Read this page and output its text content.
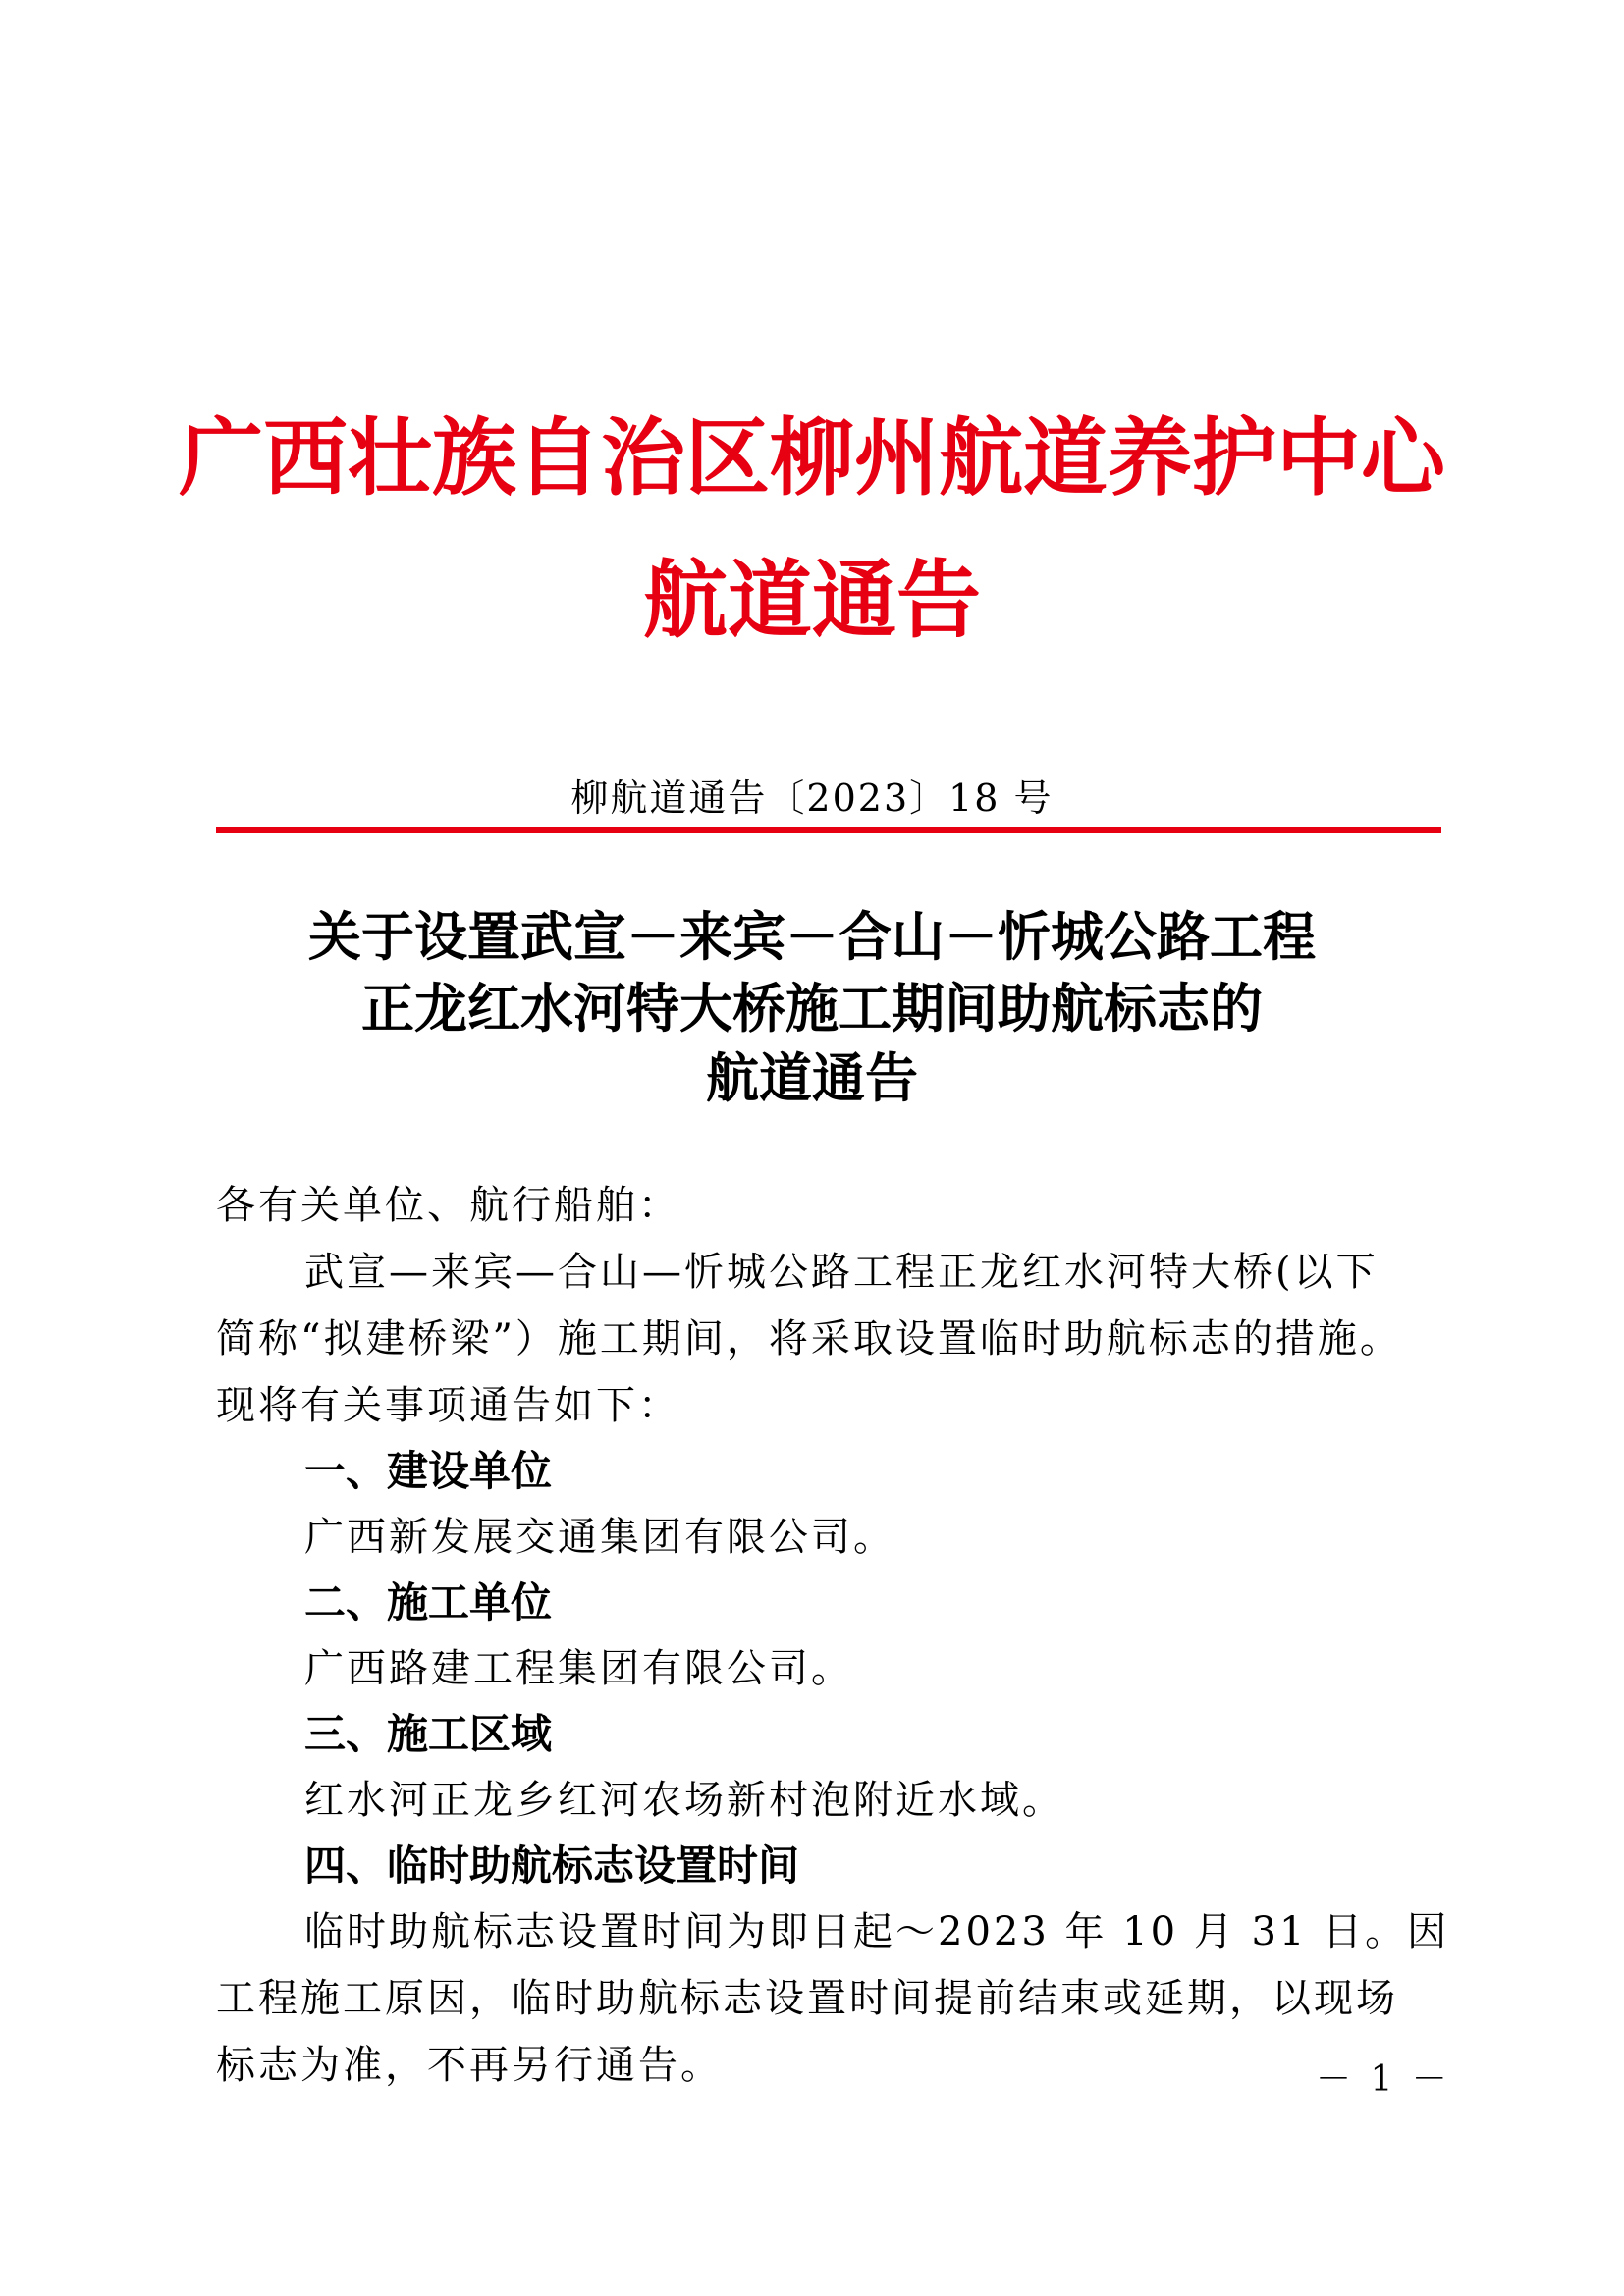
广西壮族自治区柳州航道养护中心
航道通告
柳航道通告〔2023〕18 号
关于设置武宣－来宾－合山－忻城公路工程
正龙红水河特大桥施工期间助航标志的
航道通告
各有关单位、航行船舶：
武宣—来宾—合山—忻城公路工程正龙红水河特大桥(以下
简称“拟建桥梁”）施工期间，将采取设置临时助航标志的措施。
现将有关事项通告如下：
一、建设单位
广西新发展交通集团有限公司。
二、施工单位
广西路建工程集团有限公司。
三、施工区域
红水河正龙乡红河农场新村泡附近水域。
四、临时助航标志设置时间
临时助航标志设置时间为即日起～2023 年 10 月 31 日。因
工程施工原因，临时助航标志设置时间提前结束或延期，以现场
标志为准，不再另行通告。	－ 1 －
